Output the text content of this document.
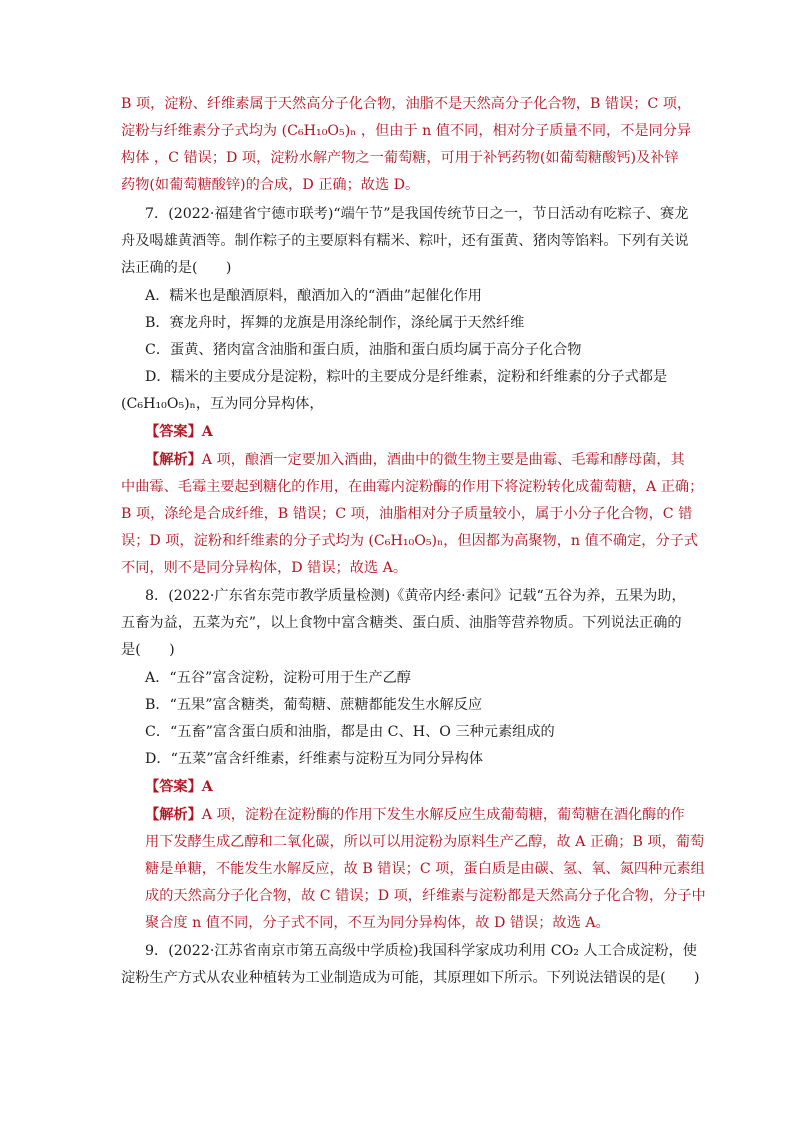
B 项，淀粉、纤维素属于天然高分子化合物，油脂不是天然高分子化合物，B 错误；C 项，
淀粉与纤维素分子式均为 (C₆H₁₀O₅)ₙ ，但由于 n 值不同，相对分子质量不同，不是同分异
构体 ，C 错误；D 项，淀粉水解产物之一葡萄糖，可用于补钙药物(如葡萄糖酸钙)及补锌
药物(如葡萄糖酸锌)的合成，D 正确；故选 D。
7．(2022·福建省宁德市联考)“端午节”是我国传统节日之一，节日活动有吃粽子、赛龙
舟及喝雄黄酒等。制作粽子的主要原料有糯米、粽叶，还有蛋黄、猪肉等馅料。下列有关说
法正确的是(　　)
A．糯米也是酿酒原料，酿酒加入的“酒曲”起催化作用
B．赛龙舟时，挥舞的龙旗是用涤纶制作，涤纶属于天然纤维
C．蛋黄、猪肉富含油脂和蛋白质，油脂和蛋白质均属于高分子化合物
D．糯米的主要成分是淀粉，粽叶的主要成分是纤维素，淀粉和纤维素的分子式都是
(C₆H₁₀O₅)ₙ，互为同分异构体，
【答案】A
【解析】A 项，酿酒一定要加入酒曲，酒曲中的微生物主要是曲霉、毛霉和酵母菌，其
中曲霉、毛霉主要起到糖化的作用，在曲霉内淀粉酶的作用下将淀粉转化成葡萄糖，A 正确；
B 项，涤纶是合成纤维，B 错误；C 项，油脂相对分子质量较小，属于小分子化合物，C 错
误；D 项，淀粉和纤维素的分子式均为 (C₆H₁₀O₅)ₙ，但因都为高聚物，n 值不确定，分子式
不同，则不是同分异构体，D 错误；故选 A。
8．(2022·广东省东莞市教学质量检测)《黄帝内经·素问》记载“五谷为养，五果为助，
五畜为益，五菜为充”，以上食物中富含糖类、蛋白质、油脂等营养物质。下列说法正确的
是(　　)
A．“五谷”富含淀粉，淀粉可用于生产乙醇
B．“五果”富含糖类，葡萄糖、蔗糖都能发生水解反应
C．“五畜”富含蛋白质和油脂，都是由 C、H、O 三种元素组成的
D．“五菜”富含纤维素，纤维素与淀粉互为同分异构体
【答案】A
【解析】A 项，淀粉在淀粉酶的作用下发生水解反应生成葡萄糖，葡萄糖在酒化酶的作
用下发酵生成乙醇和二氧化碳，所以可以用淀粉为原料生产乙醇，故 A 正确；B 项，葡萄
糖是单糖，不能发生水解反应，故 B 错误；C 项，蛋白质是由碳、氢、氧、氮四种元素组
成的天然高分子化合物，故 C 错误；D 项，纤维素与淀粉都是天然高分子化合物，分子中
聚合度 n 值不同，分子式不同，不互为同分异构体，故 D 错误；故选 A。
9．(2022·江苏省南京市第五高级中学质检)我国科学家成功利用 CO₂ 人工合成淀粉，使
淀粉生产方式从农业种植转为工业制造成为可能，其原理如下所示。下列说法错误的是(　　)
